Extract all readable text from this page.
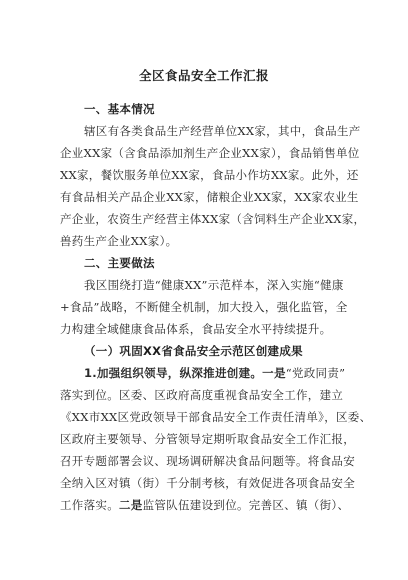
全区食品安全工作汇报
一、基本情况
辖区有各类食品生产经营单位XX家，其中，食品生产
企业XX家（含食品添加剂生产企业XX家），食品销售单位
XX家，餐饮服务单位XX家，食品小作坊XX家。此外，还
有食品相关产品企业XX家，储粮企业XX家，XX家农业生
产企业，农资生产经营主体XX家（含饲料生产企业XX家，
兽药生产企业XX家）。
二、主要做法
我区围绕打造“健康XX”示范样本，深入实施“健康
+食品”战略，不断健全机制，加大投入，强化监管，全
力构建全域健康食品体系，食品安全水平持续提升。
（一）巩固XX省食品安全示范区创建成果
1.加强组织领导，纵深推进创建。一是“党政同责”
落实到位。区委、区政府高度重视食品安全工作，建立
《XX市XX区党政领导干部食品安全工作责任清单》，区委、
区政府主要领导、分管领导定期听取食品安全工作汇报，
召开专题部署会议、现场调研解决食品问题等。将食品安
全纳入区对镇（街）千分制考核，有效促进各项食品安全
工作落实。二是监管队伍建设到位。完善区、镇（街）、
